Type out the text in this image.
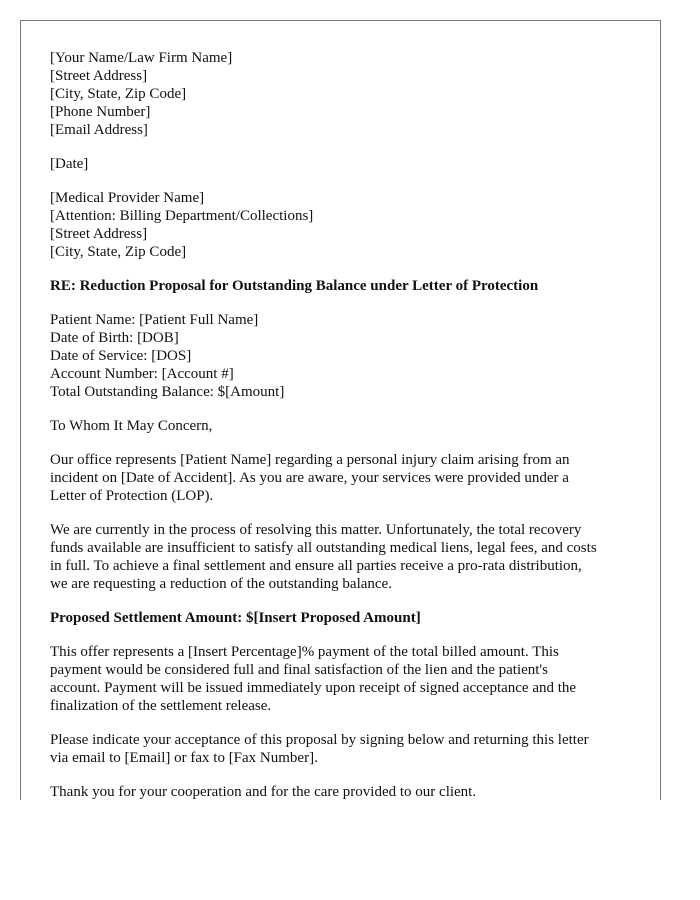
[Your Name/Law Firm Name]
[Street Address]
[City, State, Zip Code]
[Phone Number]
[Email Address]
[Date]
[Medical Provider Name]
[Attention: Billing Department/Collections]
[Street Address]
[City, State, Zip Code]
RE: Reduction Proposal for Outstanding Balance under Letter of Protection
Patient Name: [Patient Full Name]
Date of Birth: [DOB]
Date of Service: [DOS]
Account Number: [Account #]
Total Outstanding Balance: $[Amount]
To Whom It May Concern,
Our office represents [Patient Name] regarding a personal injury claim arising from an
incident on [Date of Accident]. As you are aware, your services were provided under a
Letter of Protection (LOP).
We are currently in the process of resolving this matter. Unfortunately, the total recovery
funds available are insufficient to satisfy all outstanding medical liens, legal fees, and costs
in full. To achieve a final settlement and ensure all parties receive a pro-rata distribution,
we are requesting a reduction of the outstanding balance.
Proposed Settlement Amount: $[Insert Proposed Amount]
This offer represents a [Insert Percentage]% payment of the total billed amount. This
payment would be considered full and final satisfaction of the lien and the patient's
account. Payment will be issued immediately upon receipt of signed acceptance and the
finalization of the settlement release.
Please indicate your acceptance of this proposal by signing below and returning this letter
via email to [Email] or fax to [Fax Number].
Thank you for your cooperation and for the care provided to our client.
